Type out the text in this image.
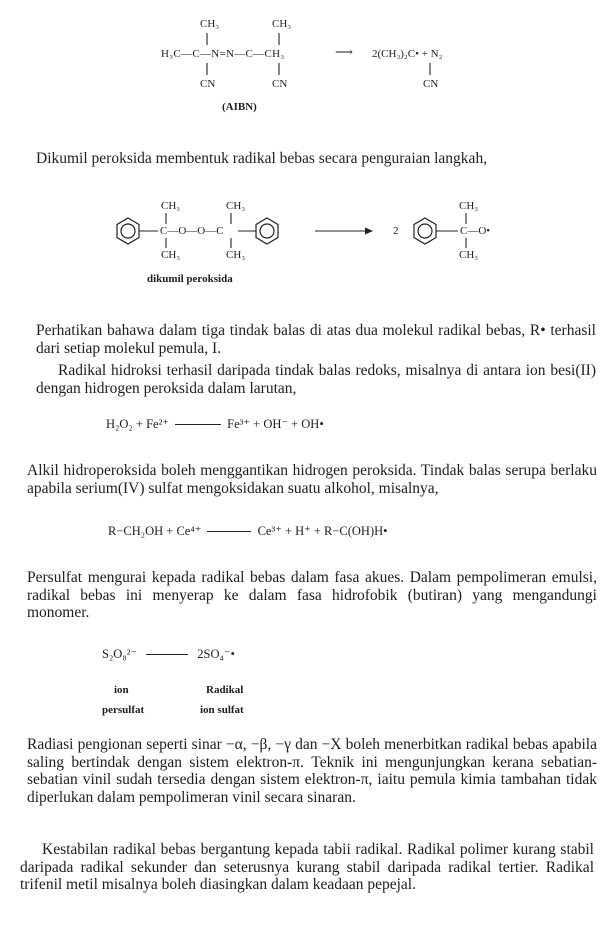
CH₃	CH₃
H₃C—C—N=N—C—CH₃	⟶ 2(CH₃)₂C• + N₂
CN	CN	CN
(AIBN)

Dikumil peroksida membentuk radikal bebas secara penguraian langkah,

CH₃	CH₃
C—O—O—C
CH₃	CH₃
dikumil peroksida
2
CH₃
C—O•
CH₃

Perhatikan bahawa dalam tiga tindak balas di atas dua molekul radikal bebas, R• terhasil dari setiap molekul pemula, I.

Radikal hidroksi terhasil daripada tindak balas redoks, misalnya di antara ion besi(II) dengan hidrogen peroksida dalam larutan,

H₂O₂ + Fe²⁺	Fe³⁺ + OH⁻ + OH•

Alkil hidroperoksida boleh menggantikan hidrogen peroksida. Tindak balas serupa berlaku apabila serium(IV) sulfat mengoksidakan suatu alkohol, misalnya,

R−CH₂OH + Ce⁴⁺	Ce³⁺ + H⁺ + R−C(OH)H•

Persulfat mengurai kepada radikal bebas dalam fasa akues. Dalam pempolimeran emulsi, radikal bebas ini menyerap ke dalam fasa hidrofobik (butiran) yang mengandungi monomer.

S₂O₈²⁻	2SO₄⁻•
ion
persulfat
Radikal
ion sulfat

Radiasi pengionan seperti sinar −α, −β, −γ dan −X boleh menerbitkan radikal bebas apabila saling bertindak dengan sistem elektron-π. Teknik ini mengunjungkan kerana sebatian-sebatian vinil sudah tersedia dengan sistem elektron-π, iaitu pemula kimia tambahan tidak diperlukan dalam pempolimeran vinil secara sinaran.

Kestabilan radikal bebas bergantung kepada tabii radikal. Radikal polimer kurang stabil daripada radikal sekunder dan seterusnya kurang stabil daripada radikal tertier. Radikal trifenil metil misalnya boleh diasingkan dalam keadaan pepejal.
